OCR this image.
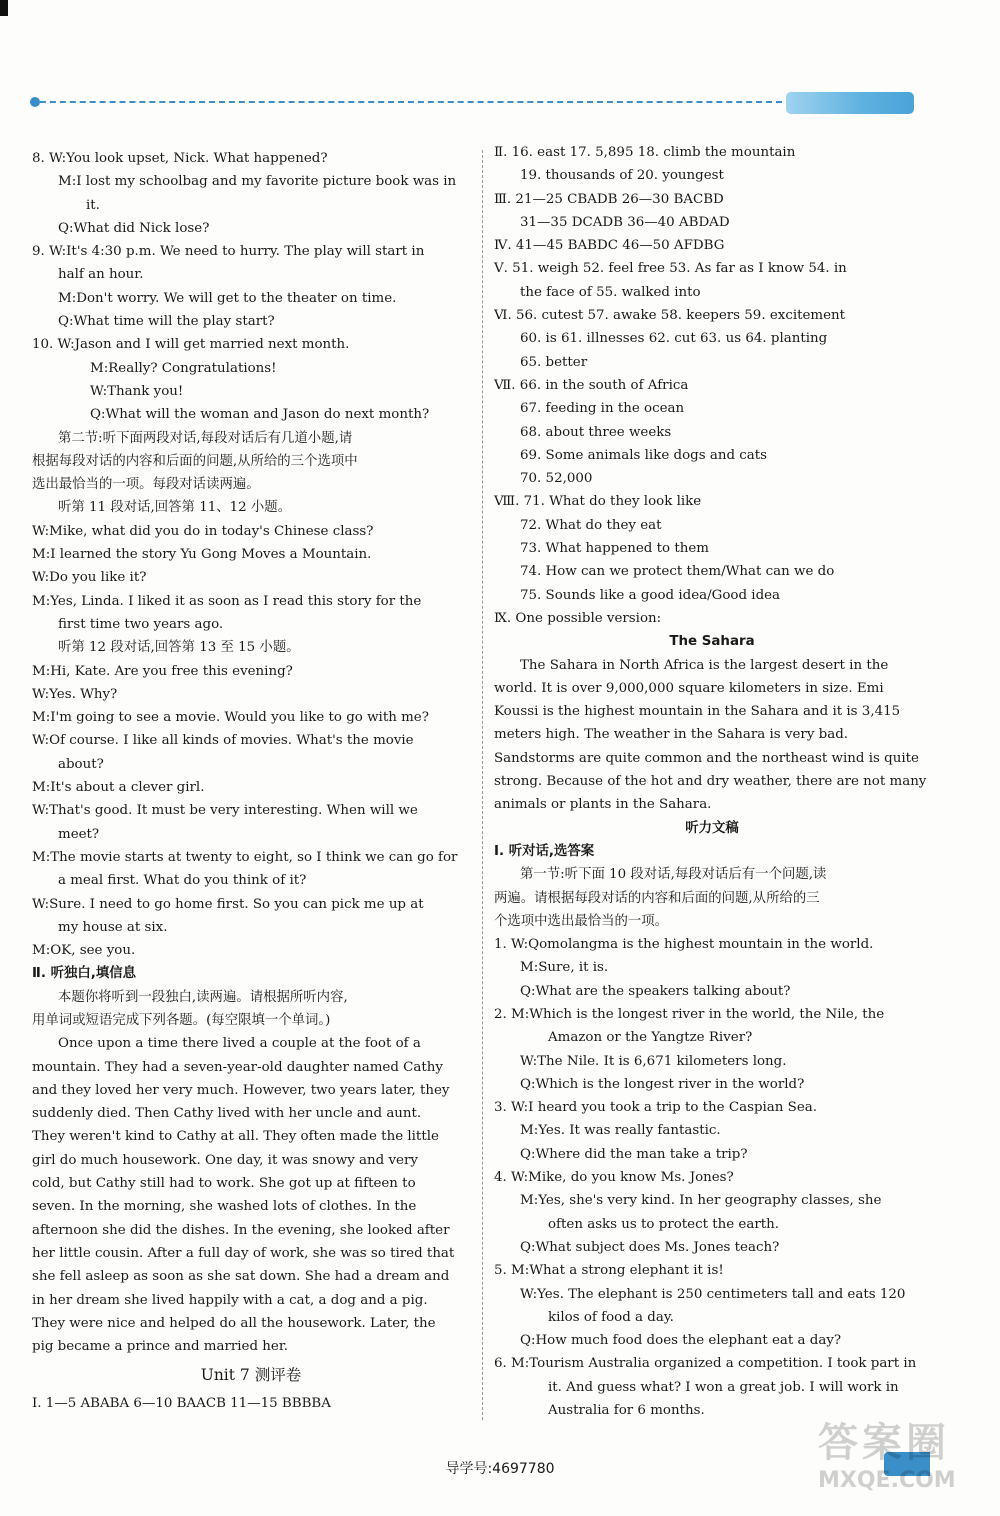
8. W:You look upset, Nick. What happened?
M:I lost my schoolbag and my favorite picture book was in
it.
Q:What did Nick lose?
9. W:It's 4:30 p.m. We need to hurry. The play will start in
half an hour.
M:Don't worry. We will get to the theater on time.
Q:What time will the play start?
10. W:Jason and I will get married next month.
M:Really? Congratulations!
W:Thank you!
Q:What will the woman and Jason do next month?
第二节:听下面两段对话,每段对话后有几道小题,请
根据每段对话的内容和后面的问题,从所给的三个选项中
选出最恰当的一项。每段对话读两遍。
听第 11 段对话,回答第 11、12 小题。
W:Mike, what did you do in today's Chinese class?
M:I learned the story Yu Gong Moves a Mountain.
W:Do you like it?
M:Yes, Linda. I liked it as soon as I read this story for the
first time two years ago.
听第 12 段对话,回答第 13 至 15 小题。
M:Hi, Kate. Are you free this evening?
W:Yes. Why?
M:I'm going to see a movie. Would you like to go with me?
W:Of course. I like all kinds of movies. What's the movie
about?
M:It's about a clever girl.
W:That's good. It must be very interesting. When will we
meet?
M:The movie starts at twenty to eight, so I think we can go for
a meal first. What do you think of it?
W:Sure. I need to go home first. So you can pick me up at
my house at six.
M:OK, see you.
Ⅱ. 听独白,填信息
本题你将听到一段独白,读两遍。请根据所听内容,
用单词或短语完成下列各题。(每空限填一个单词。)
Once upon a time there lived a couple at the foot of a
mountain. They had a seven-year-old daughter named Cathy
and they loved her very much. However, two years later, they
suddenly died. Then Cathy lived with her uncle and aunt.
They weren't kind to Cathy at all. They often made the little
girl do much housework. One day, it was snowy and very
cold, but Cathy still had to work. She got up at fifteen to
seven. In the morning, she washed lots of clothes. In the
afternoon she did the dishes. In the evening, she looked after
her little cousin. After a full day of work, she was so tired that
she fell asleep as soon as she sat down. She had a dream and
in her dream she lived happily with a cat, a dog and a pig.
They were nice and helped do all the housework. Later, the
pig became a prince and married her.
Unit 7 测评卷
Ⅰ. 1—5 ABABA 6—10 BAACB 11—15 BBBBA
Ⅱ. 16. east 17. 5,895 18. climb the mountain
19. thousands of 20. youngest
Ⅲ. 21—25 CBADB 26—30 BACBD
31—35 DCADB 36—40 ABDAD
Ⅳ. 41—45 BABDC 46—50 AFDBG
Ⅴ. 51. weigh 52. feel free 53. As far as I know 54. in
the face of 55. walked into
Ⅵ. 56. cutest 57. awake 58. keepers 59. excitement
60. is 61. illnesses 62. cut 63. us 64. planting
65. better
Ⅶ. 66. in the south of Africa
67. feeding in the ocean
68. about three weeks
69. Some animals like dogs and cats
70. 52,000
Ⅷ. 71. What do they look like
72. What do they eat
73. What happened to them
74. How can we protect them/What can we do
75. Sounds like a good idea/Good idea
Ⅸ. One possible version:
The Sahara
The Sahara in North Africa is the largest desert in the
world. It is over 9,000,000 square kilometers in size. Emi
Koussi is the highest mountain in the Sahara and it is 3,415
meters high. The weather in the Sahara is very bad.
Sandstorms are quite common and the northeast wind is quite
strong. Because of the hot and dry weather, there are not many
animals or plants in the Sahara.
听力文稿
Ⅰ. 听对话,选答案
第一节:听下面 10 段对话,每段对话后有一个问题,读
两遍。请根据每段对话的内容和后面的问题,从所给的三
个选项中选出最恰当的一项。
1. W:Qomolangma is the highest mountain in the world.
M:Sure, it is.
Q:What are the speakers talking about?
2. M:Which is the longest river in the world, the Nile, the
Amazon or the Yangtze River?
W:The Nile. It is 6,671 kilometers long.
Q:Which is the longest river in the world?
3. W:I heard you took a trip to the Caspian Sea.
M:Yes. It was really fantastic.
Q:Where did the man take a trip?
4. W:Mike, do you know Ms. Jones?
M:Yes, she's very kind. In her geography classes, she
often asks us to protect the earth.
Q:What subject does Ms. Jones teach?
5. M:What a strong elephant it is!
W:Yes. The elephant is 250 centimeters tall and eats 120
kilos of food a day.
Q:How much food does the elephant eat a day?
6. M:Tourism Australia organized a competition. I took part in
it. And guess what? I won a great job. I will work in
Australia for 6 months.
导学号:4697780
答案圈
MXQE.COM
